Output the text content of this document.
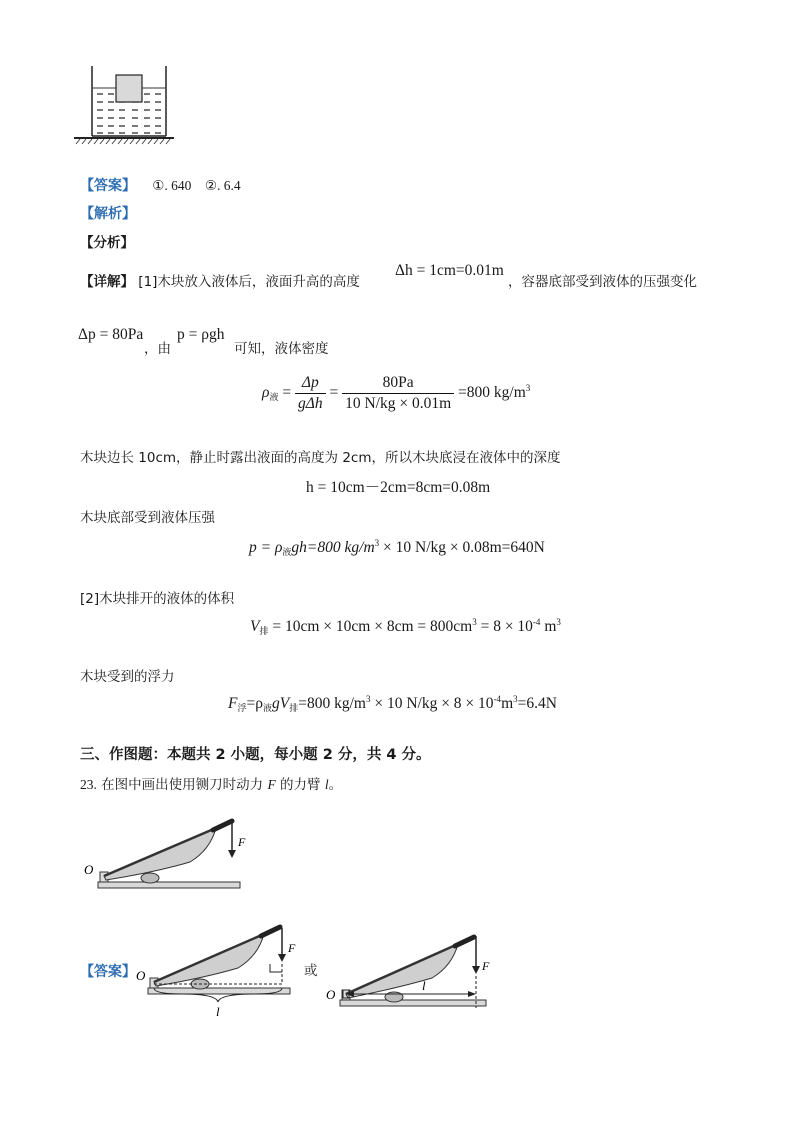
【答案】 ①. 640　②. 6.4
【解析】
【分析】
【详解】 [1]木块放入液体后，液面升高的高度
Δh = 1cm=0.01m
，容器底部受到液体的压强变化
Δp = 80Pa
，由
p = ρgh
可知，液体密度
$\rho_液 = \frac{\Delta p}{\text{gΔh}} = \frac{80Pa}{10 N/kg \times 0.01m} =800$ $kg/m^3$
木块边长 10cm，静止时露出液面的高度为 2cm，所以木块底浸在液体中的深度
h = 10cm－2cm=8cm=0.08m
木块底部受到液体压强
$p = \rho_液gh=800$ $kg/m^3 \times 10$ N/kg × 0.08m=640N
[2]木块排开的液体的体积
$V_排 = 10cm \times 10cm \times 8cm = 800cm^3 = 8 \times 10^{-4}$ $m^3$
木块受到的浮力
$F_浮=\rho_液gV_排=800$ $kg/m^3 \times 10$ $N/kg \times 8 \times 10^{-4}m^3=6.4N$
三、作图题：本题共 2 小题，每小题 2 分，共 4 分。
23. 在图中画出使用铡刀时动力 F 的力臂 l。
O
F
【答案】 O
F
l
或
O
F
l
